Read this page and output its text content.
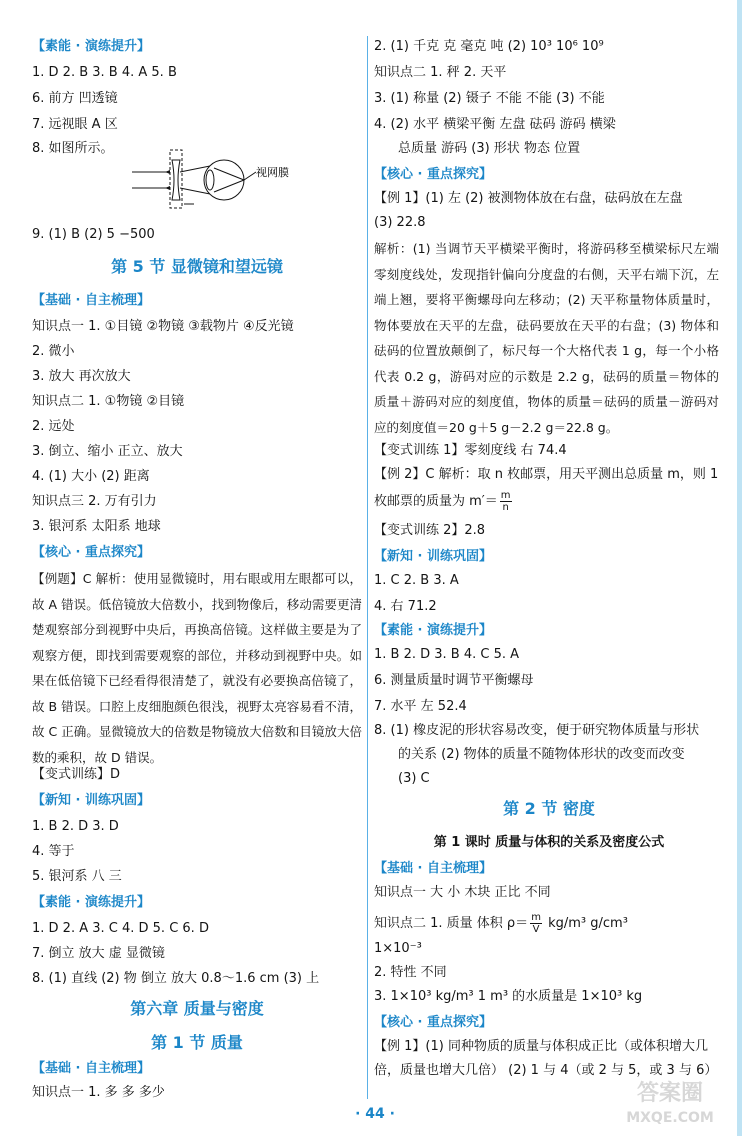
【素能 · 演练提升】
1. D 2. B 3. B 4. A 5. B
6. 前方 凹透镜
7. 远视眼 A 区
8. 如图所示。
视网膜
9. (1) B (2) 5 −500
第 5 节 显微镜和望远镜
【基础 · 自主梳理】
知识点一 1. ①目镜 ②物镜 ③载物片 ④反光镜
2. 微小
3. 放大 再次放大
知识点二 1. ①物镜 ②目镜
2. 远处
3. 倒立、缩小 正立、放大
4. (1) 大小 (2) 距离
知识点三 2. 万有引力
3. 银河系 太阳系 地球
【核心 · 重点探究】
【例题】C 解析：使用显微镜时，用右眼或用左眼都可以，故 A 错误。低倍镜放大倍数小，找到物像后，移动需要更清楚观察部分到视野中央后，再换高倍镜。这样做主要是为了观察方便，即找到需要观察的部位，并移动到视野中央。如果在低倍镜下已经看得很清楚了，就没有必要换高倍镜了，故 B 错误。口腔上皮细胞颜色很浅，视野太亮容易看不清，故 C 正确。显微镜放大的倍数是物镜放大倍数和目镜放大倍数的乘积，故 D 错误。
【变式训练】D
【新知 · 训练巩固】
1. B 2. D 3. D
4. 等于
5. 银河系 八 三
【素能 · 演练提升】
1. D 2. A 3. C 4. D 5. C 6. D
7. 倒立 放大 虚 显微镜
8. (1) 直线 (2) 物 倒立 放大 0.8～1.6 cm (3) 上
第六章 质量与密度
第 1 节 质量
【基础 · 自主梳理】
知识点一 1. 多 多 多少
2. (1) 千克 克 毫克 吨 (2) 10³ 10⁶ 10⁹
知识点二 1. 秤 2. 天平
3. (1) 称量 (2) 镊子 不能 不能 (3) 不能
4. (2) 水平 横梁平衡 左盘 砝码 游码 横梁
总质量 游码 (3) 形状 物态 位置
【核心 · 重点探究】
【例 1】(1) 左 (2) 被测物体放在右盘，砝码放在左盘
(3) 22.8
解析：(1) 当调节天平横梁平衡时，将游码移至横梁标尺左端零刻度线处，发现指针偏向分度盘的右侧，天平右端下沉，左端上翘，要将平衡螺母向左移动；(2) 天平称量物体质量时，物体要放在天平的左盘，砝码要放在天平的右盘；(3) 物体和砝码的位置放颠倒了，标尺每一个大格代表 1 g，每一个小格代表 0.2 g，游码对应的示数是 2.2 g，砝码的质量＝物体的质量＋游码对应的刻度值，物体的质量＝砝码的质量－游码对应的刻度值＝20 g＋5 g－2.2 g＝22.8 g。
【变式训练 1】零刻度线 右 74.4
【例 2】C 解析：取 n 枚邮票，用天平测出总质量 m，则 1
枚邮票的质量为 $m'= \frac{m}{n}$
【变式训练 2】2.8
【新知 · 训练巩固】
1. C 2. B 3. A
4. 右 71.2
【素能 · 演练提升】
1. B 2. D 3. B 4. C 5. A
6. 测量质量时调节平衡螺母
7. 水平 左 52.4
8. (1) 橡皮泥的形状容易改变，便于研究物体质量与形状
的关系 (2) 物体的质量不随物体形状的改变而改变
(3) C
第 2 节 密度
第 1 课时 质量与体积的关系及密度公式
【基础 · 自主梳理】
知识点一 大 小 木块 正比 不同
知识点二 1. 质量 体积 $\rho= \frac{m}{V} kg/m^3$ g/cm³
1×10⁻³
2. 特性 不同
3. 1×10³ kg/m³ 1 m³ 的水质量是 1×10³ kg
【核心 · 重点探究】
【例 1】(1) 同种物质的质量与体积成正比（或体积增大几
倍，质量也增大几倍） (2) 1 与 4（或 2 与 5，或 3 与 6）
· 44 ·
答案圈
MXQE.COM
